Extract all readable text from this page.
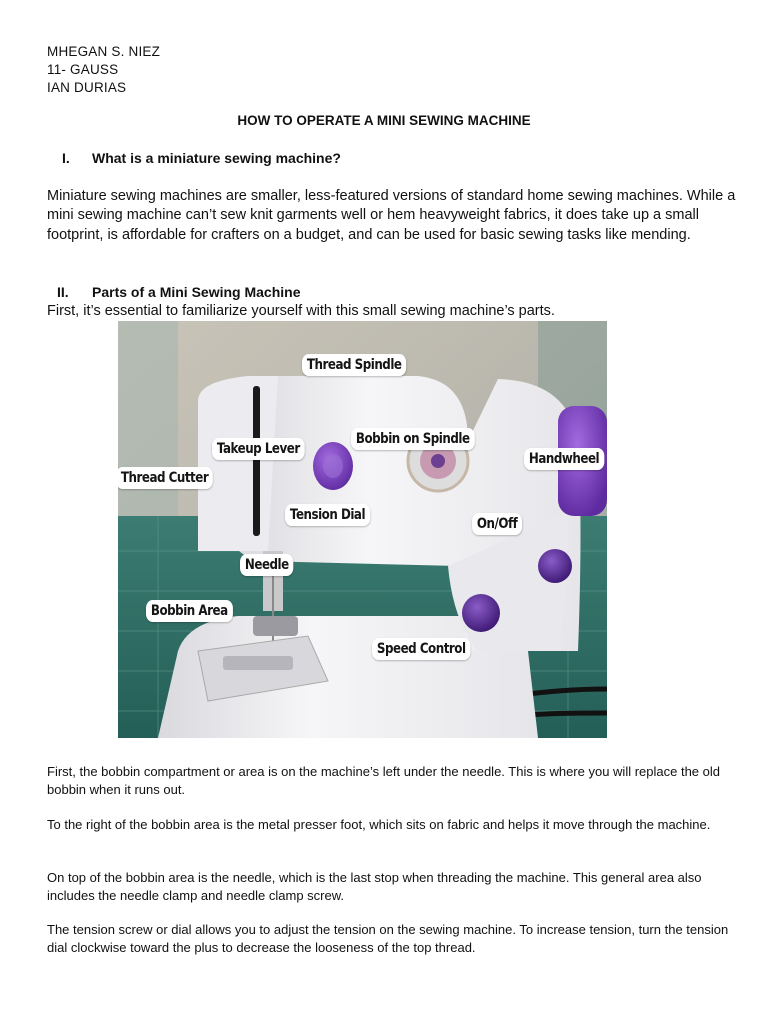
MHEGAN S. NIEZ
11- GAUSS
IAN DURIAS
HOW TO OPERATE A MINI SEWING MACHINE
I. What is a miniature sewing machine?

Miniature sewing machines are smaller, less-featured versions of standard home sewing machines. While a mini sewing machine can’t sew knit garments well or hem heavyweight fabrics, it does take up a small footprint, is affordable for crafters on a budget, and can be used for basic sewing tasks like mending.

II. Parts of a Mini Sewing Machine

First, it’s essential to familiarize yourself with this small sewing machine’s parts.

Thread Spindle
Bobbin on Spindle
Takeup Lever
Handwheel
Thread Cutter
Tension Dial
On/Off
Needle
Bobbin Area
Speed Control

First, the bobbin compartment or area is on the machine’s left under the needle. This is where you will replace the old bobbin when it runs out.

To the right of the bobbin area is the metal presser foot, which sits on fabric and helps it move through the machine.

On top of the bobbin area is the needle, which is the last stop when threading the machine. This general area also includes the needle clamp and needle clamp screw.

The tension screw or dial allows you to adjust the tension on the sewing machine. To increase tension, turn the tension dial clockwise toward the plus to decrease the looseness of the top thread.
